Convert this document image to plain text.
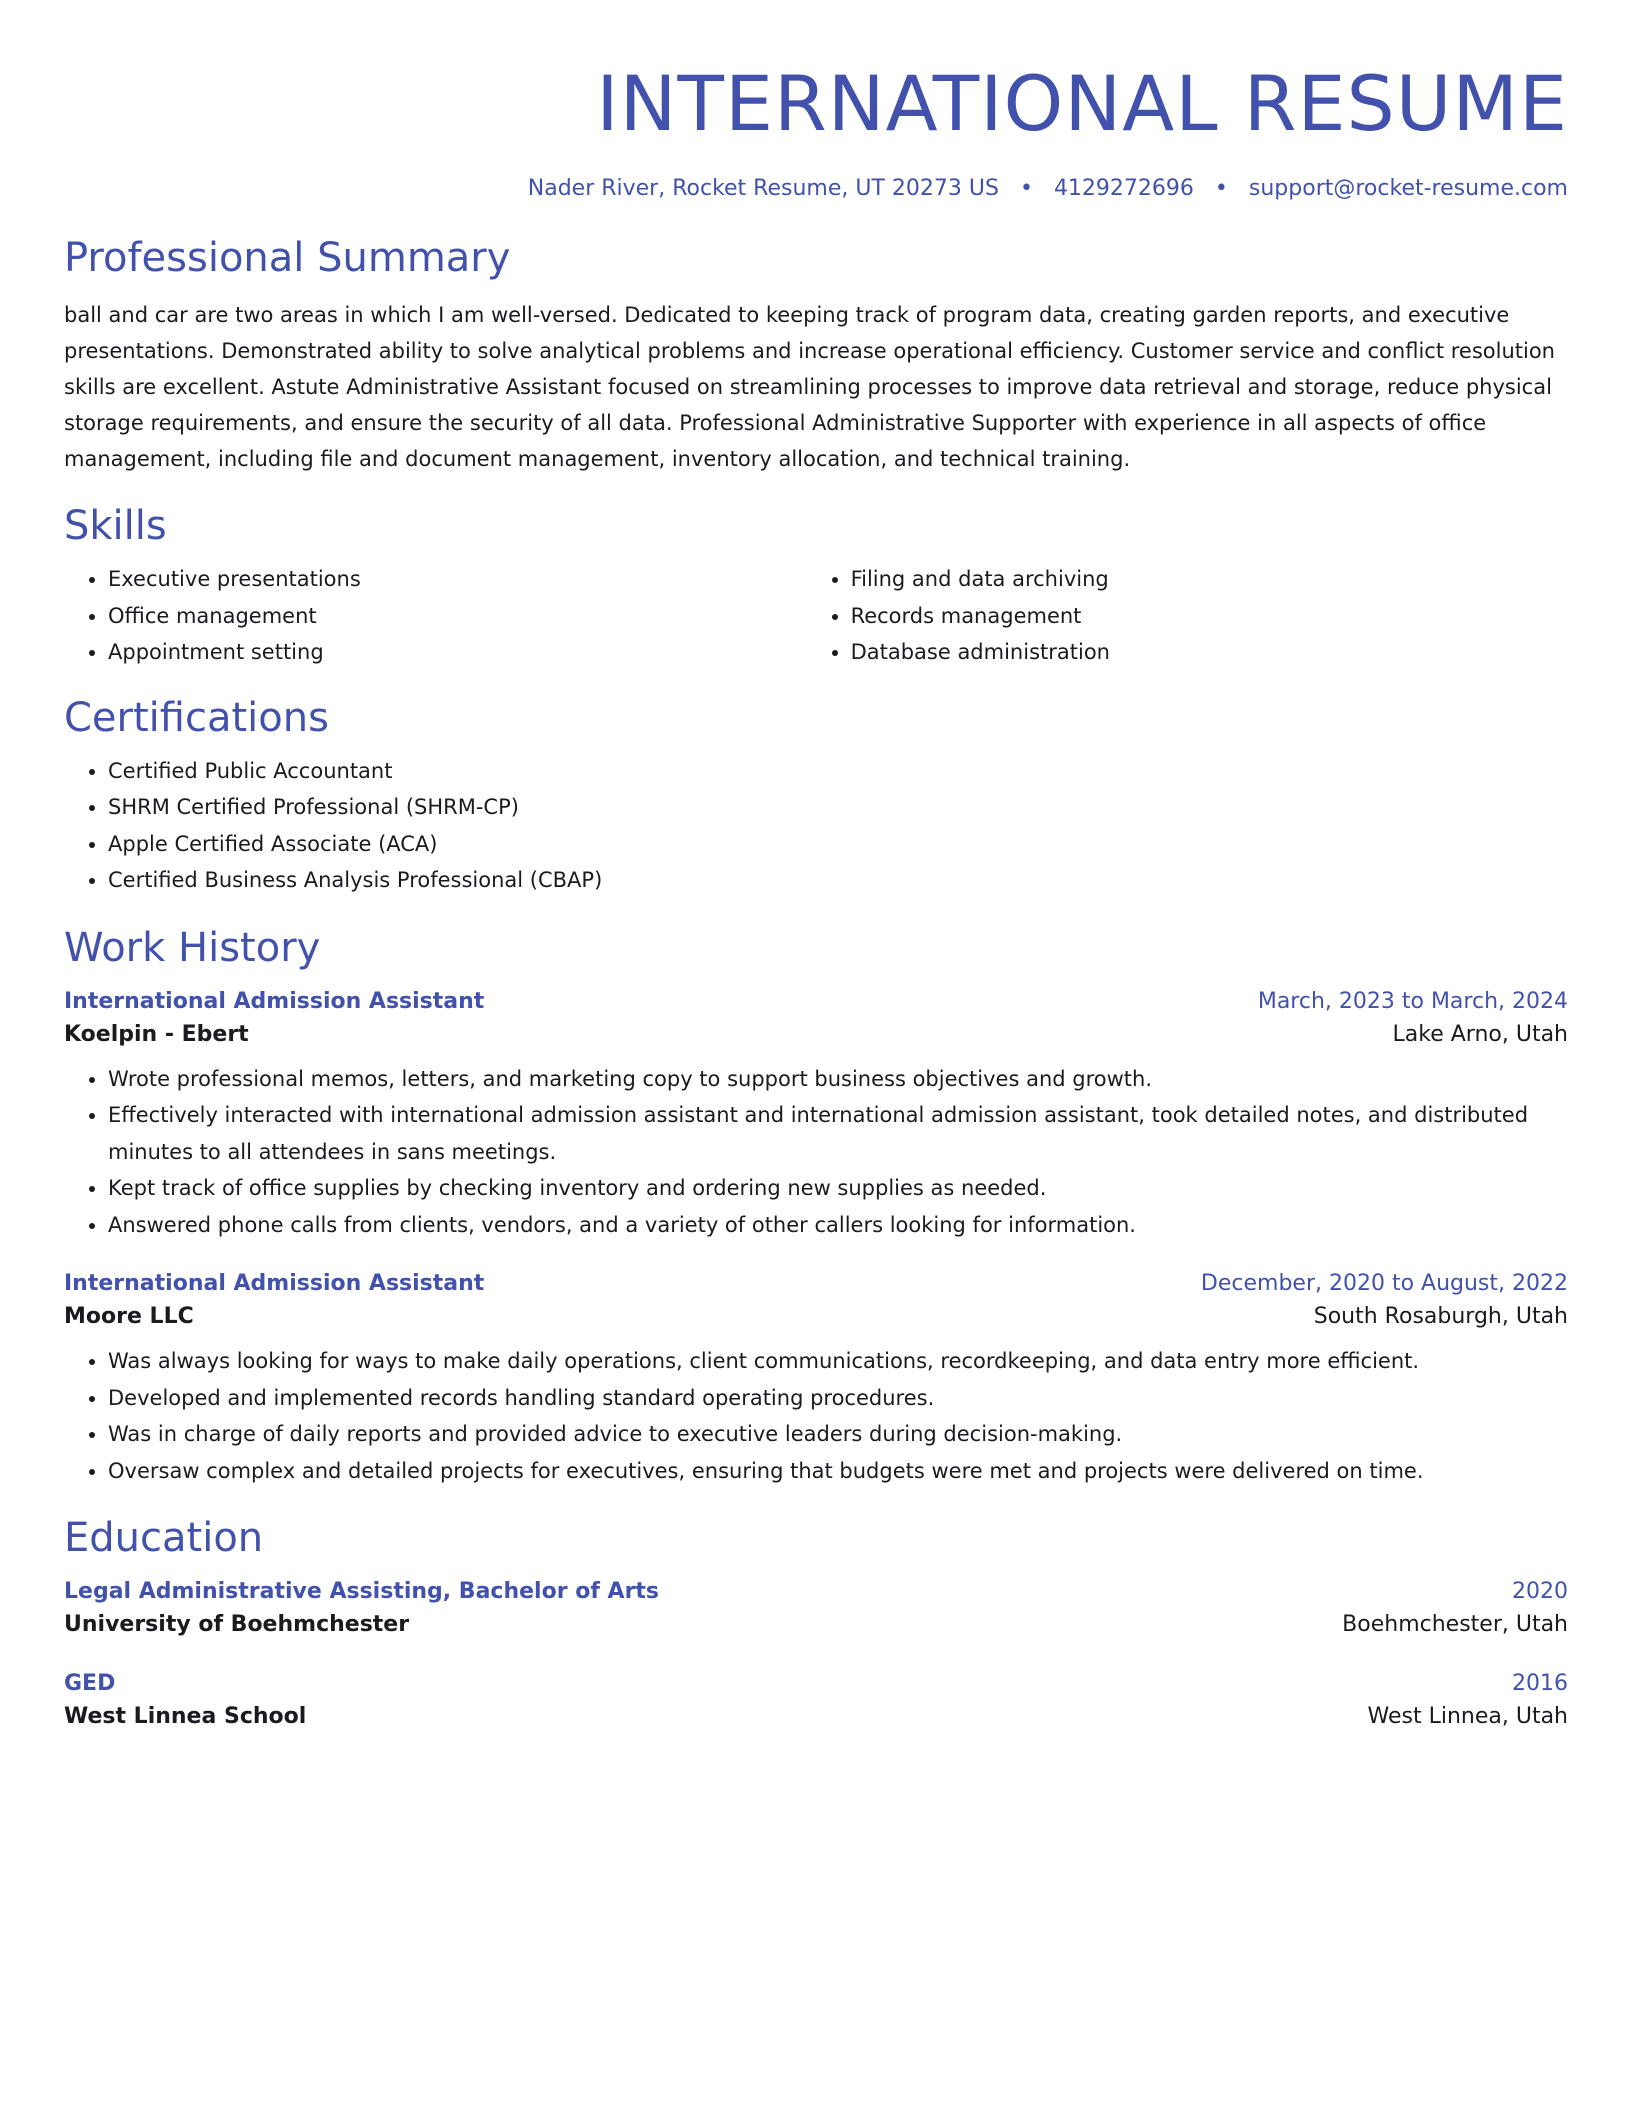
INTERNATIONAL RESUME
Nader River, Rocket Resume, UT 20273 US • 4129272696 • support@rocket-resume.com
Professional Summary

ball and car are two areas in which I am well-versed. Dedicated to keeping track of program data, creating garden reports, and executive presentations. Demonstrated ability to solve analytical problems and increase operational efficiency. Customer service and conflict resolution skills are excellent. Astute Administrative Assistant focused on streamlining processes to improve data retrieval and storage, reduce physical storage requirements, and ensure the security of all data. Professional Administrative Supporter with experience in all aspects of office management, including file and document management, inventory allocation, and technical training.

Skills
• Executive presentations
• Office management
• Appointment setting
• Filing and data archiving
• Records management
• Database administration
Certifications
• Certified Public Accountant
• SHRM Certified Professional (SHRM-CP)
• Apple Certified Associate (ACA)
• Certified Business Analysis Professional (CBAP)
Work History
International Admission Assistant	March, 2023 to March, 2024
Koelpin - Ebert	Lake Arno, Utah
• Wrote professional memos, letters, and marketing copy to support business objectives and growth.
• Effectively interacted with international admission assistant and international admission assistant, took detailed notes, and distributed minutes to all attendees in sans meetings.
• Kept track of office supplies by checking inventory and ordering new supplies as needed.
• Answered phone calls from clients, vendors, and a variety of other callers looking for information.
International Admission Assistant	December, 2020 to August, 2022
Moore LLC	South Rosaburgh, Utah
• Was always looking for ways to make daily operations, client communications, recordkeeping, and data entry more efficient.
• Developed and implemented records handling standard operating procedures.
• Was in charge of daily reports and provided advice to executive leaders during decision-making.
• Oversaw complex and detailed projects for executives, ensuring that budgets were met and projects were delivered on time.
Education
Legal Administrative Assisting, Bachelor of Arts	2020
University of Boehmchester	Boehmchester, Utah
GED	2016
West Linnea School	West Linnea, Utah
